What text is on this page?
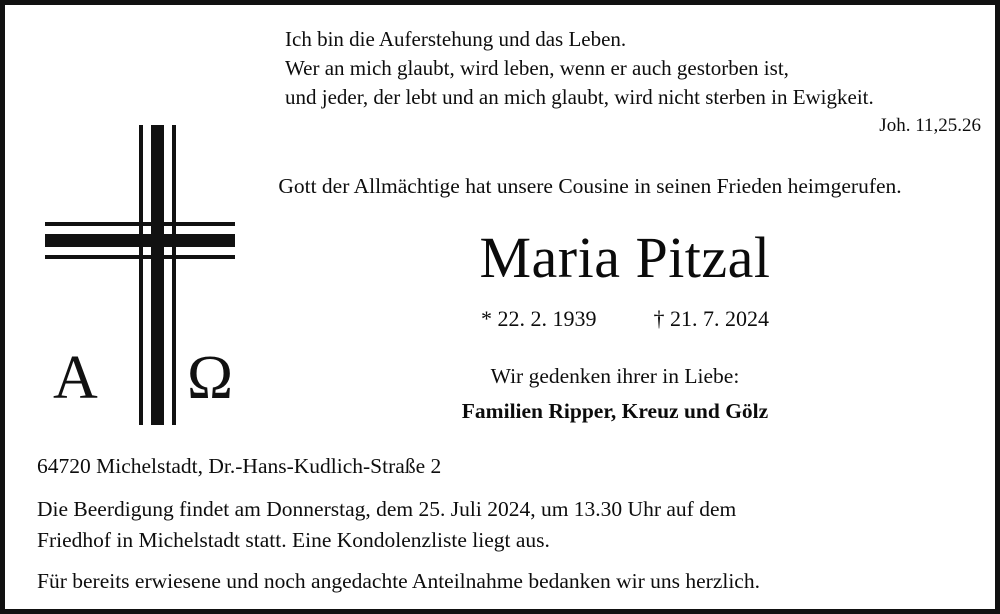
Ich bin die Auferstehung und das Leben.
Wer an mich glaubt, wird leben, wenn er auch gestorben ist,
und jeder, der lebt und an mich glaubt, wird nicht sterben in Ewigkeit.
Joh. 11,25.26
Gott der Allmächtige hat unsere Cousine in seinen Frieden heimgerufen.
A Ω
Maria Pitzal
* 22. 2. 1939	† 21. 7. 2024
Wir gedenken ihrer in Liebe:
Familien Ripper, Kreuz und Gölz
64720 Michelstadt, Dr.-Hans-Kudlich-Straße 2
Die Beerdigung findet am Donnerstag, dem 25. Juli 2024, um 13.30 Uhr auf dem
Friedhof in Michelstadt statt. Eine Kondolenzliste liegt aus.
Für bereits erwiesene und noch angedachte Anteilnahme bedanken wir uns herzlich.
